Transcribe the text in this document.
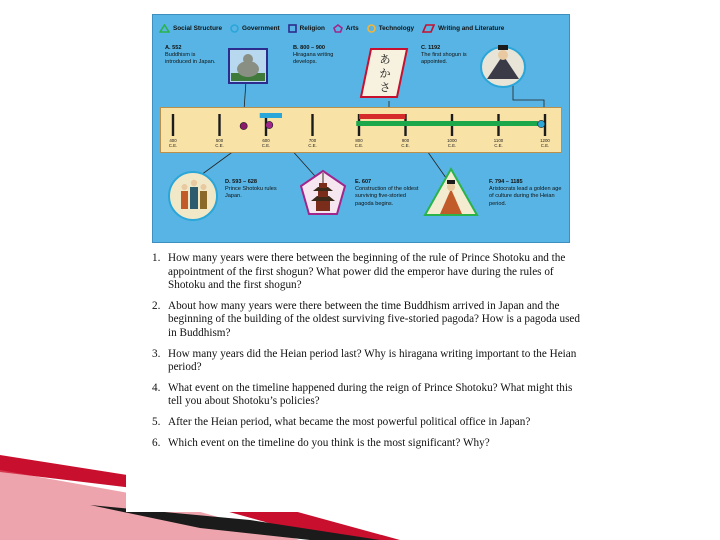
Social Structure	Government	Religion	Arts	Technology	Writing and Literature
A. 552
Buddhism is introduced in Japan.
B. 800 – 900
Hiragana writing develops.
C. 1192
The first shogun is appointed.
D. 593 – 628
Prince Shotoku rules Japan.
E. 607
Construction of the oldest surviving five-storied pagoda begins.
F. 794 – 1185
Aristocrats lead a golden age of culture during the Heian period.
あかさ
400
C.E.
500
C.E.
600
C.E.
700
C.E.
800
C.E.
900
C.E.
1000
C.E.
1100
C.E.
1200
C.E.
1. How many years were there between the beginning of the rule of Prince Shotoku and the appointment of the first shogun? What power did the emperor have during the rules of Shotoku and the first shogun?
2. About how many years were there between the time Buddhism arrived in Japan and the beginning of the building of the oldest surviving five-storied pagoda? How is a pagoda used in Buddhism?
3. How many years did the Heian period last? Why is hiragana writing important to the Heian period?
4. What event on the timeline happened during the reign of Prince Shotoku? What might this tell you about Shotoku’s policies?
5. After the Heian period, what became the most powerful political office in Japan?
6. Which event on the timeline do you think is the most significant? Why?
